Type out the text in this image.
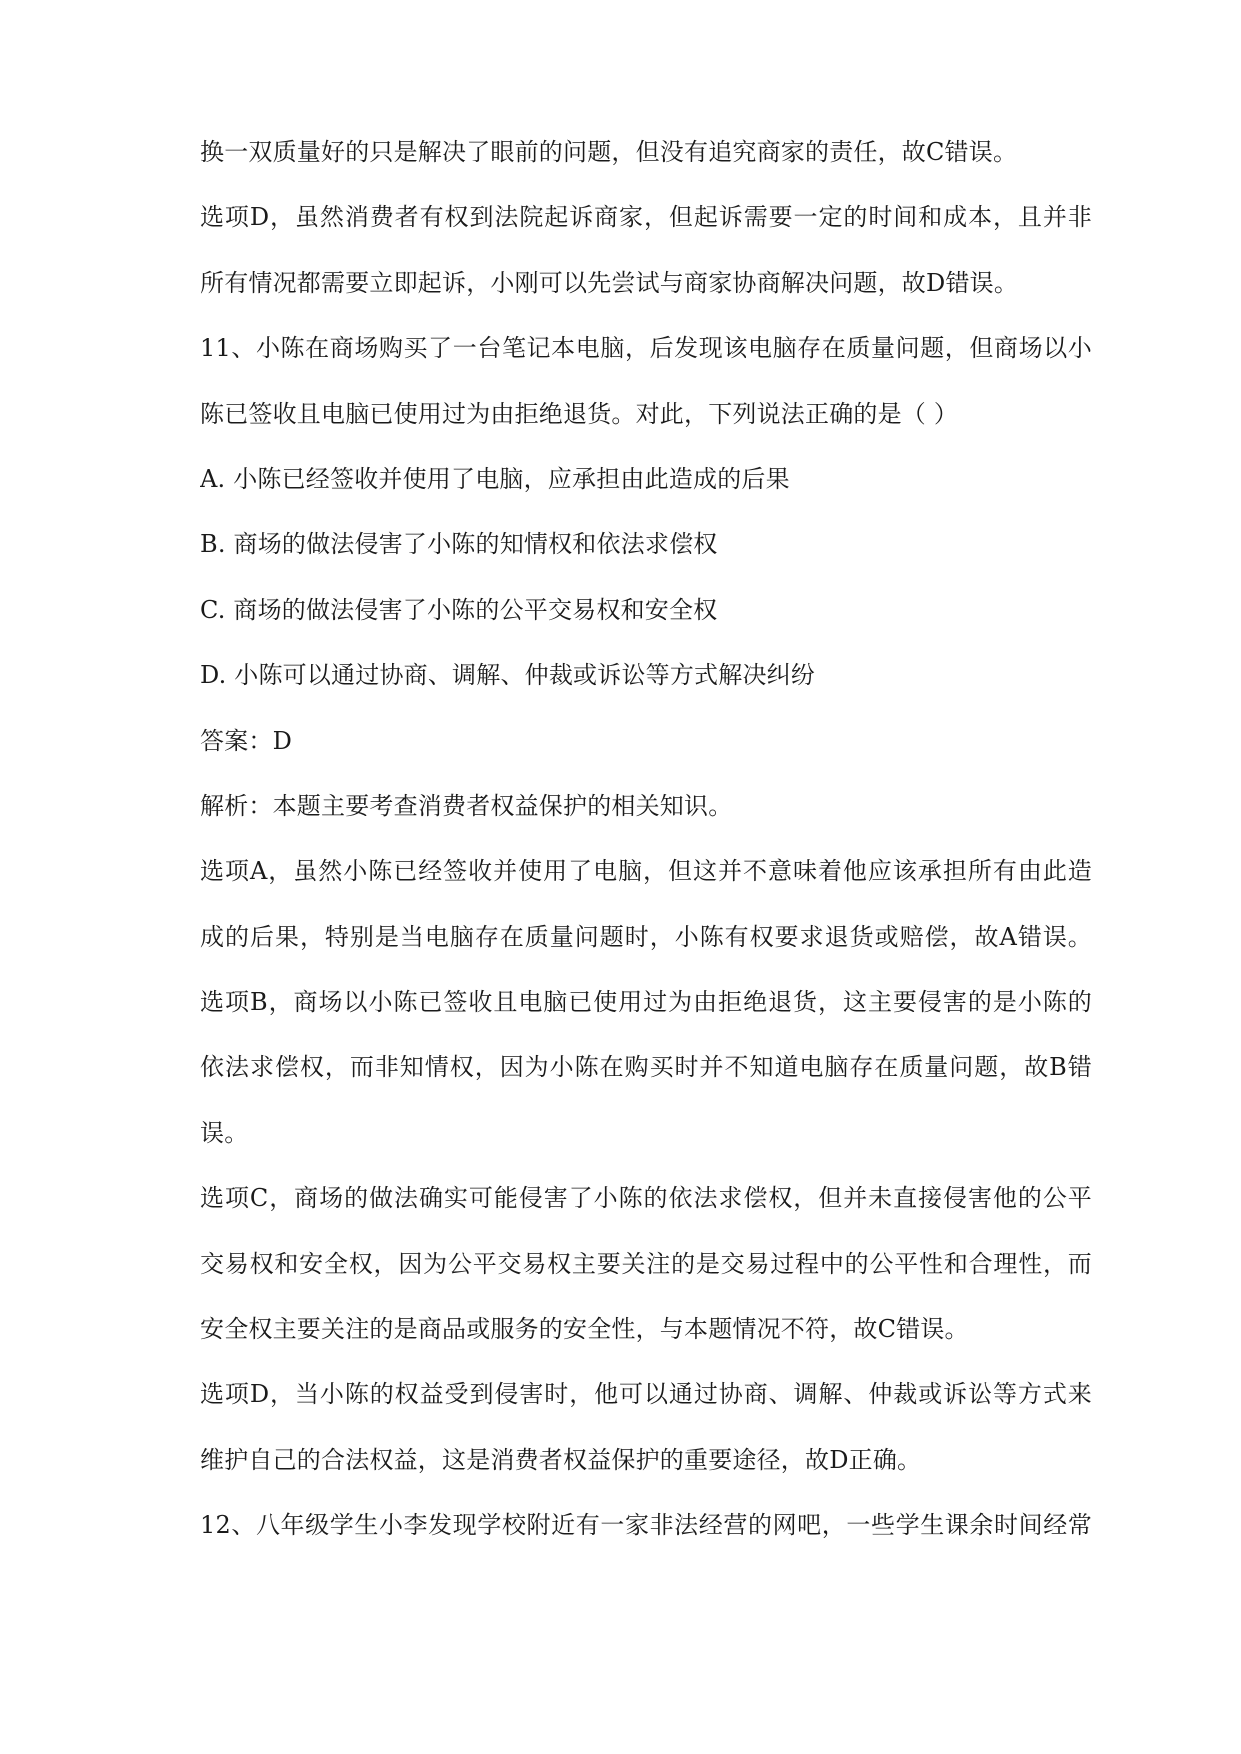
换一双质量好的只是解决了眼前的问题，但没有追究商家的责任，故C错误。
选项D，虽然消费者有权到法院起诉商家，但起诉需要一定的时间和成本，且并非
所有情况都需要立即起诉，小刚可以先尝试与商家协商解决问题，故D错误。
11、小陈在商场购买了一台笔记本电脑，后发现该电脑存在质量问题，但商场以小
陈已签收且电脑已使用过为由拒绝退货。对此，下列说法正确的是（ ）
A. 小陈已经签收并使用了电脑，应承担由此造成的后果
B. 商场的做法侵害了小陈的知情权和依法求偿权
C. 商场的做法侵害了小陈的公平交易权和安全权
D. 小陈可以通过协商、调解、仲裁或诉讼等方式解决纠纷
答案：D
解析：本题主要考查消费者权益保护的相关知识。
选项A，虽然小陈已经签收并使用了电脑，但这并不意味着他应该承担所有由此造
成的后果，特别是当电脑存在质量问题时，小陈有权要求退货或赔偿，故A错误。
选项B，商场以小陈已签收且电脑已使用过为由拒绝退货，这主要侵害的是小陈的
依法求偿权，而非知情权，因为小陈在购买时并不知道电脑存在质量问题，故B错
误。
选项C，商场的做法确实可能侵害了小陈的依法求偿权，但并未直接侵害他的公平
交易权和安全权，因为公平交易权主要关注的是交易过程中的公平性和合理性，而
安全权主要关注的是商品或服务的安全性，与本题情况不符，故C错误。
选项D，当小陈的权益受到侵害时，他可以通过协商、调解、仲裁或诉讼等方式来
维护自己的合法权益，这是消费者权益保护的重要途径，故D正确。
12、八年级学生小李发现学校附近有一家非法经营的网吧，一些学生课余时间经常
